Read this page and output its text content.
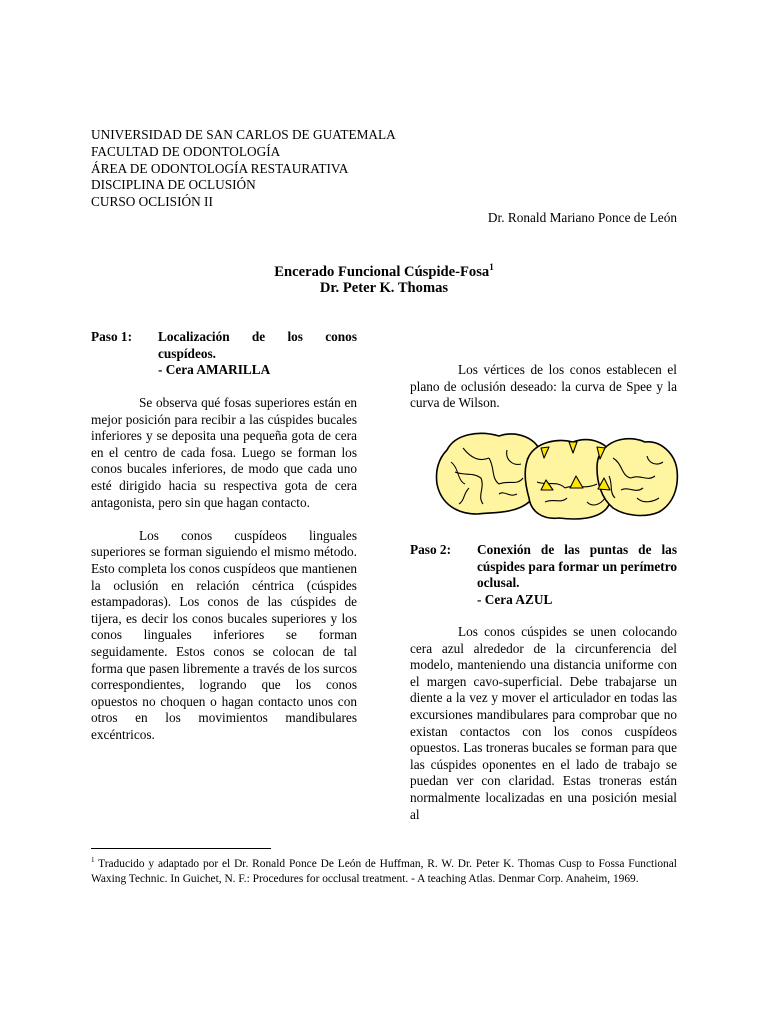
UNIVERSIDAD DE SAN CARLOS DE GUATEMALA
FACULTAD DE ODONTOLOGÍA
ÁREA DE ODONTOLOGÍA RESTAURATIVA
DISCIPLINA DE OCLUSIÓN
CURSO OCLISIÓN II
Dr. Ronald Mariano Ponce de León
Encerado Funcional Cúspide-Fosa$^1$
Dr. Peter K. Thomas
Paso 1: Localización de los conos cuspídeos.
- Cera AMARILLA

Se observa qué fosas superiores están en mejor posición para recibir a las cúspides bucales inferiores y se deposita una pequeña gota de cera en el centro de cada fosa. Luego se forman los conos bucales inferiores, de modo que cada uno esté dirigido hacia su respectiva gota de cera antagonista, pero sin que hagan contacto.

Los conos cuspídeos linguales superiores se forman siguiendo el mismo método. Esto completa los conos cuspídeos que mantienen la oclusión en relación céntrica (cúspides estampadoras). Los conos de las cúspides de tijera, es decir los conos bucales superiores y los conos linguales inferiores se forman seguidamente. Estos conos se colocan de tal forma que pasen libremente a través de los surcos correspondientes, logrando que los conos opuestos no choquen o hagan contacto unos con otros en los movimientos mandibulares excéntricos.

Los vértices de los conos establecen el plano de oclusión deseado: la curva de Spee y la curva de Wilson.

Paso 2: Conexión de las puntas de las cúspides para formar un perímetro oclusal.
- Cera AZUL

Los conos cúspides se unen colocando cera azul alrededor de la circunferencia del modelo, manteniendo una distancia uniforme con el margen cavo-superficial. Debe trabajarse un diente a la vez y mover el articulador en todas las excursiones mandibulares para comprobar que no existan contactos con los conos cuspídeos opuestos. Las troneras bucales se forman para que las cúspides oponentes en el lado de trabajo se puedan ver con claridad. Estas troneras están normalmente localizadas en una posición mesial al

$^1$ Traducido y adaptado por el Dr. Ronald Ponce De León de Huffman, R. W. Dr. Peter K. Thomas Cusp to Fossa Functional Waxing Technic. In Guichet, N. F.: Procedures for occlusal treatment. - A teaching Atlas. Denmar Corp. Anaheim, 1969.
